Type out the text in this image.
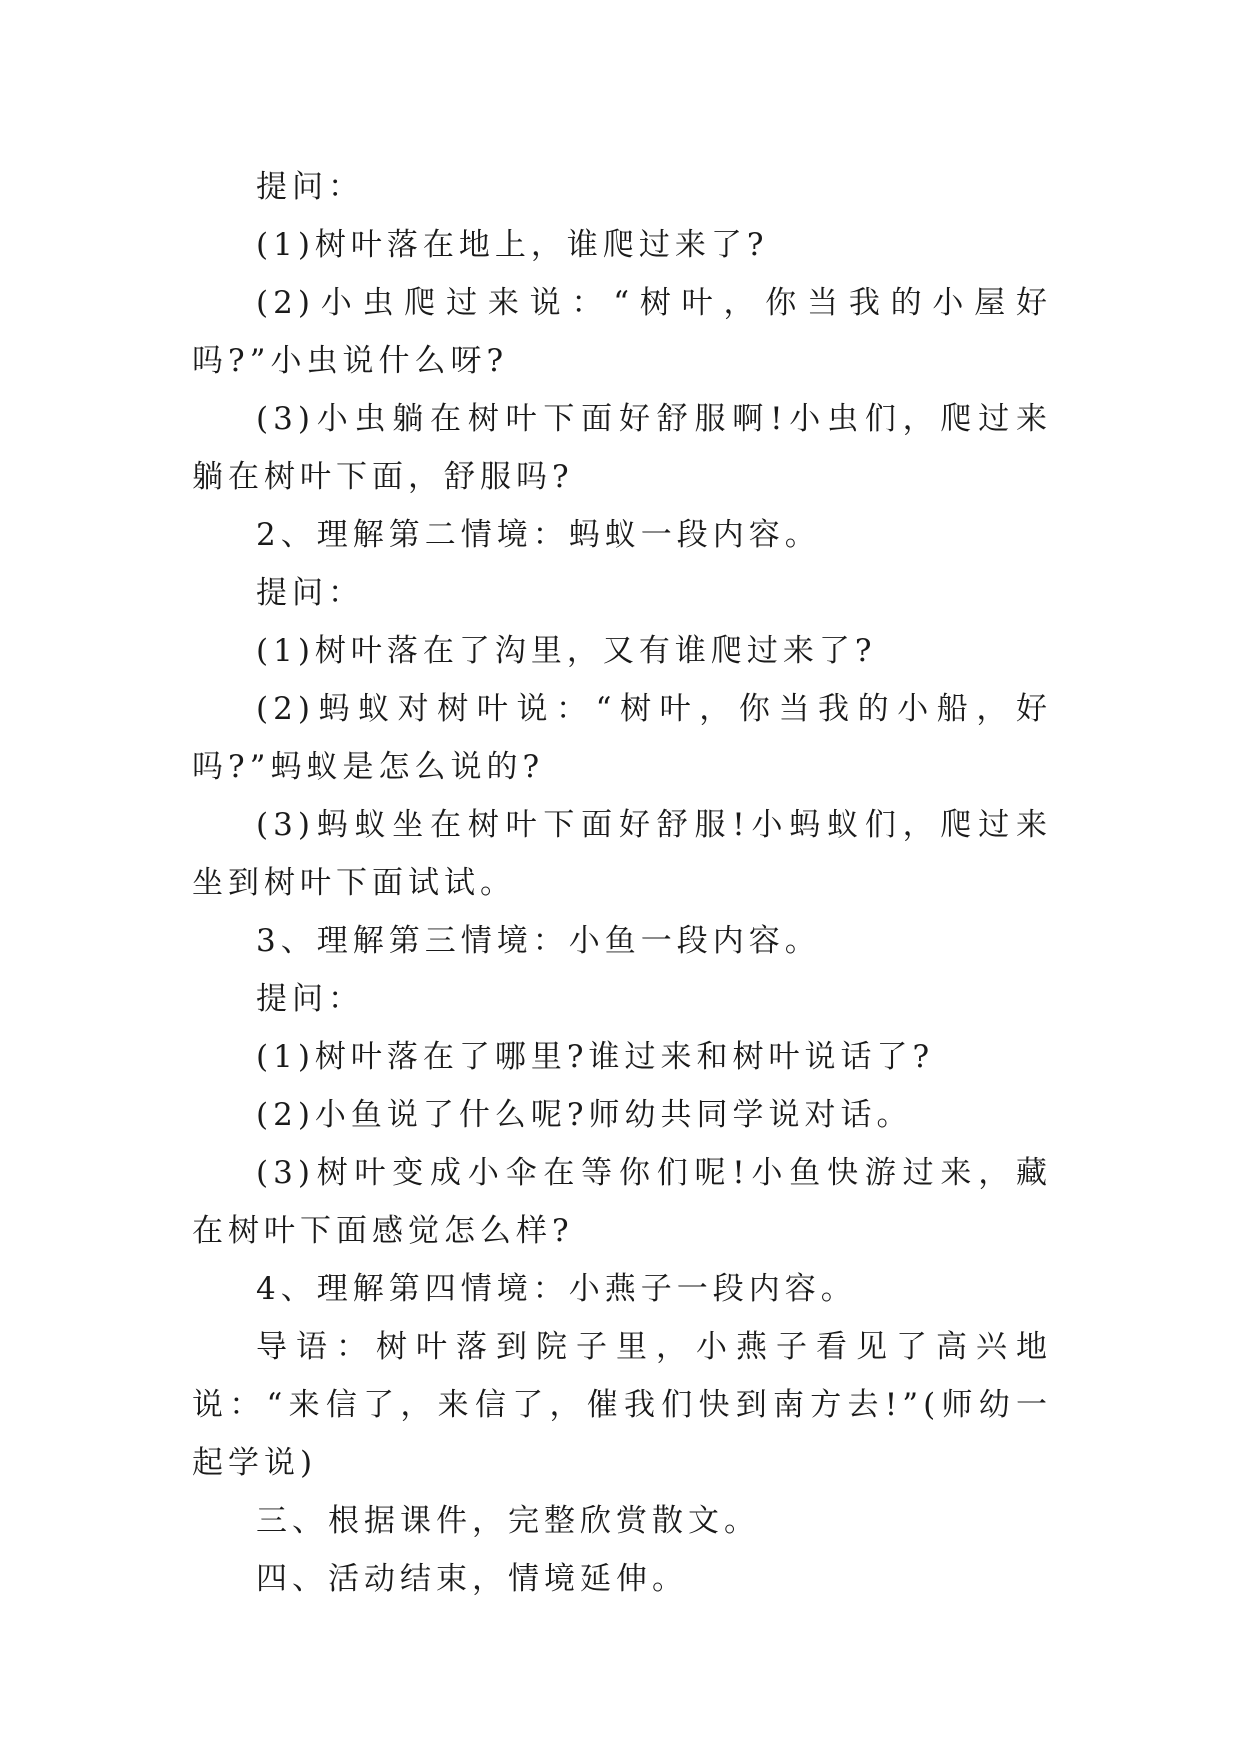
提问：

(1)树叶落在地上，谁爬过来了?

(2)小虫爬过来说：“树叶，你当我的小屋好吗?”小虫说什么呀?

(3)小虫躺在树叶下面好舒服啊!小虫们，爬过来躺在树叶下面，舒服吗?

2、理解第二情境：蚂蚁一段内容。

提问：

(1)树叶落在了沟里，又有谁爬过来了?

(2)蚂蚁对树叶说：“树叶，你当我的小船，好吗?”蚂蚁是怎么说的?

(3)蚂蚁坐在树叶下面好舒服!小蚂蚁们，爬过来坐到树叶下面试试。

3、理解第三情境：小鱼一段内容。

提问：

(1)树叶落在了哪里?谁过来和树叶说话了?

(2)小鱼说了什么呢?师幼共同学说对话。

(3)树叶变成小伞在等你们呢!小鱼快游过来，藏在树叶下面感觉怎么样?

4、理解第四情境：小燕子一段内容。

导语：树叶落到院子里，小燕子看见了高兴地说：“来信了，来信了，催我们快到南方去!”(师幼一起学说)

三、根据课件，完整欣赏散文。

四、活动结束，情境延伸。
